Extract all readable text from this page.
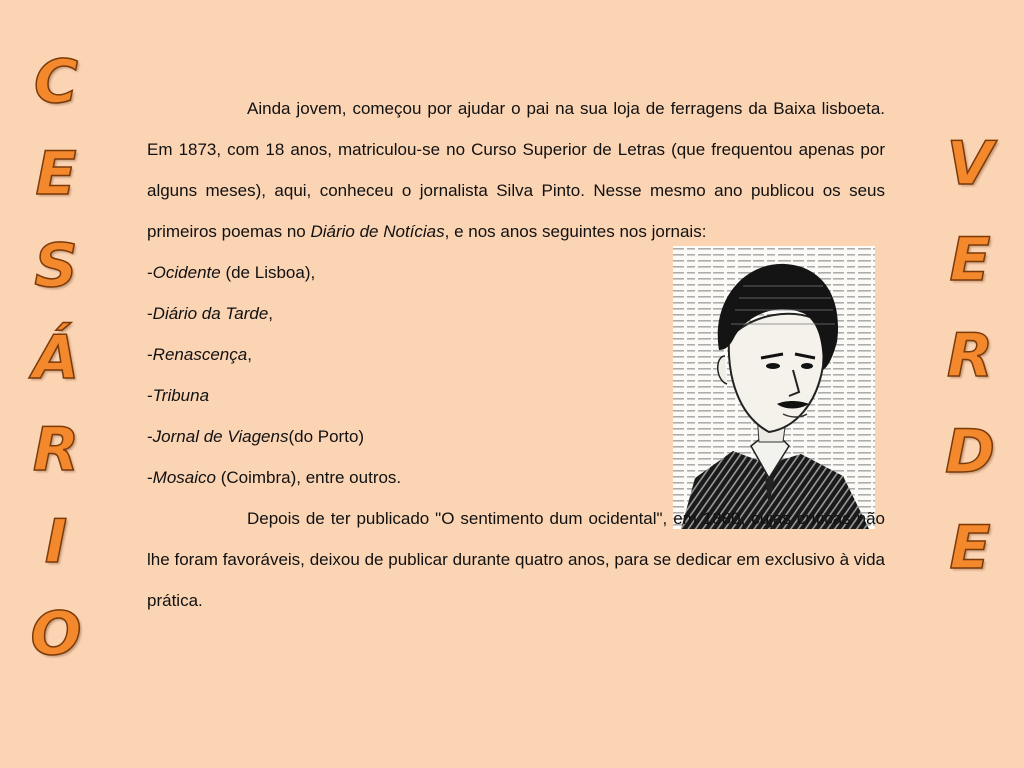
C
E
S
Á
R
I
O
V
E
R
D
E

Ainda jovem, começou por ajudar o pai na sua loja de ferragens da Baixa lisboeta. Em 1873, com 18 anos, matriculou-se no Curso Superior de Letras (que frequentou apenas por alguns meses), aqui, conheceu o jornalista Silva Pinto. Nesse mesmo ano publicou os seus primeiros poemas no Diário de Notícias, e nos anos seguintes nos jornais:

-Ocidente (de Lisboa),

-Diário da Tarde,

-Renascença,

-Tribuna

-Jornal de Viagens(do Porto)

-Mosaico (Coimbra), entre outros.

Depois de ter publicado "O sentimento dum ocidental", em 1880, cujas críticas não lhe foram favoráveis, deixou de publicar durante quatro anos, para se dedicar em exclusivo à vida prática.
